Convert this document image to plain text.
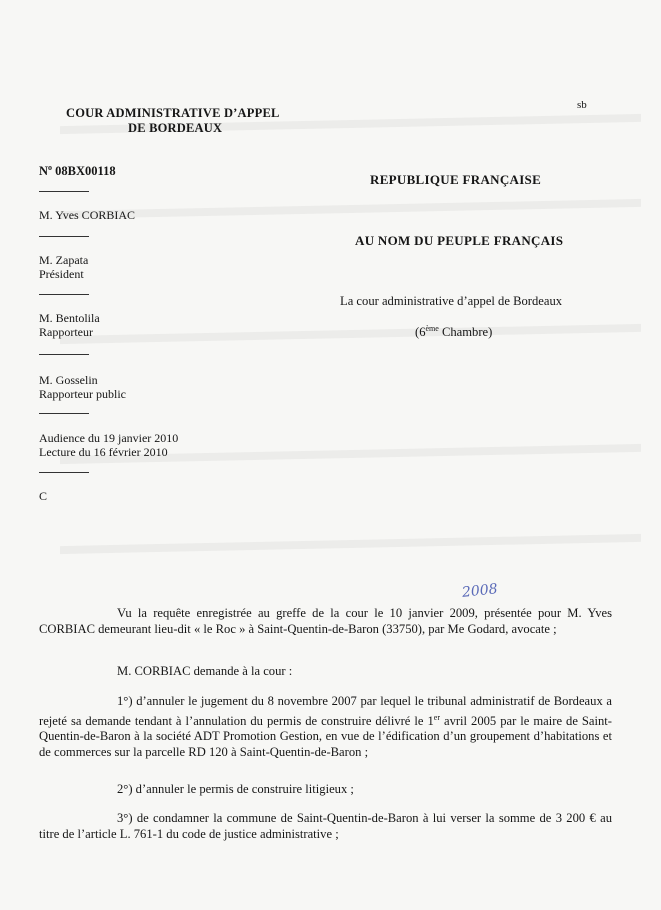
COUR ADMINISTRATIVE D’APPEL
DE BORDEAUX
sb
$N^o$ 08BX00118
M. Yves CORBIAC
M. Zapata
Président
M. Bentolila
Rapporteur
M. Gosselin
Rapporteur public
Audience du 19 janvier 2010
Lecture du 16 février 2010
C
REPUBLIQUE FRANÇAISE
AU NOM DU PEUPLE FRANÇAIS
La cour administrative d’appel de Bordeaux
(6ème Chambre)
2008
Vu la requête enregistrée au greffe de la cour le 10 janvier 2009, présentée pour M. Yves CORBIAC demeurant lieu-dit « le Roc » à Saint-Quentin-de-Baron (33750), par Me Godard, avocate ;
M. CORBIAC demande à la cour :
1°) d’annuler le jugement du 8 novembre 2007 par lequel le tribunal administratif de Bordeaux a rejeté sa demande tendant à l’annulation du permis de construire délivré le 1er avril 2005 par le maire de Saint-Quentin-de-Baron à la société ADT Promotion Gestion, en vue de l’édification d’un groupement d’habitations et de commerces sur la parcelle RD 120 à Saint-Quentin-de-Baron ;
2°) d’annuler le permis de construire litigieux ;
3°) de condamner la commune de Saint-Quentin-de-Baron à lui verser la somme de 3 200 € au titre de l’article L. 761-1 du code de justice administrative ;
